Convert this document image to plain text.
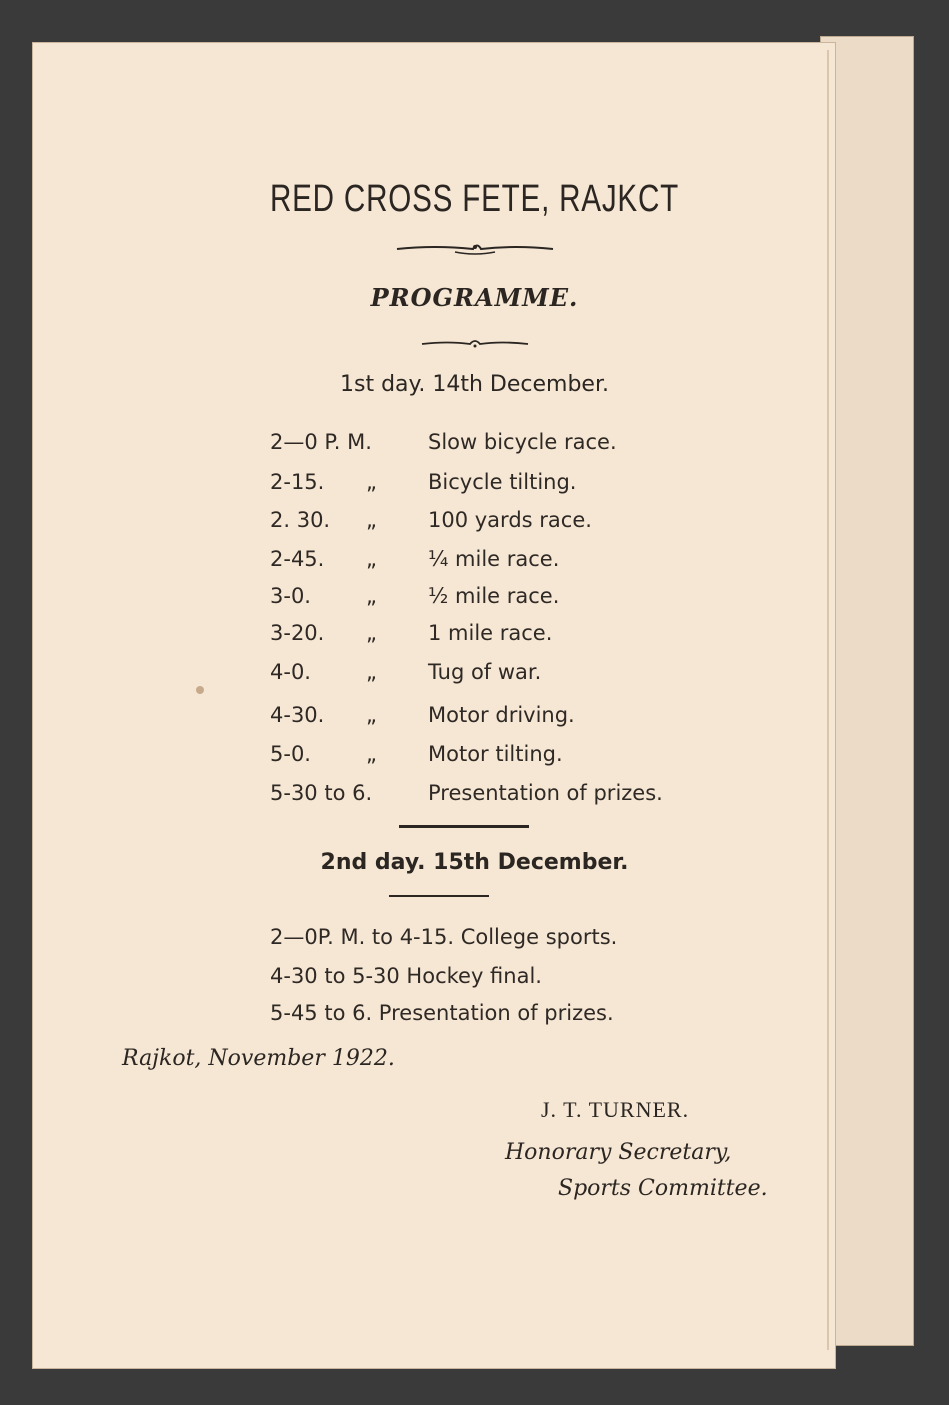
RED CROSS FETE, RAJKCT
PROGRAMME.
1st day. 14th December.
2—0 P. M.	Slow bicycle race.
2-15. „ Bicycle tilting.
2. 30. „ 100 yards race.
2-45. „ ¼ mile race.
3-0.	„ ½ mile race.
3-20. „ 1 mile race.
4-0.	„ Tug of war.
4-30. „ Motor driving.
5-0.	„ Motor tilting.
5-30 to 6.	Presentation of prizes.
2nd day. 15th December.
2—0P. M. to 4-15. College sports.
4-30 to 5-30 Hockey final.
5-45 to 6. Presentation of prizes.
Rajkot, November 1922.
J. T. TURNER.
Honorary Secretary,
Sports Committee.
